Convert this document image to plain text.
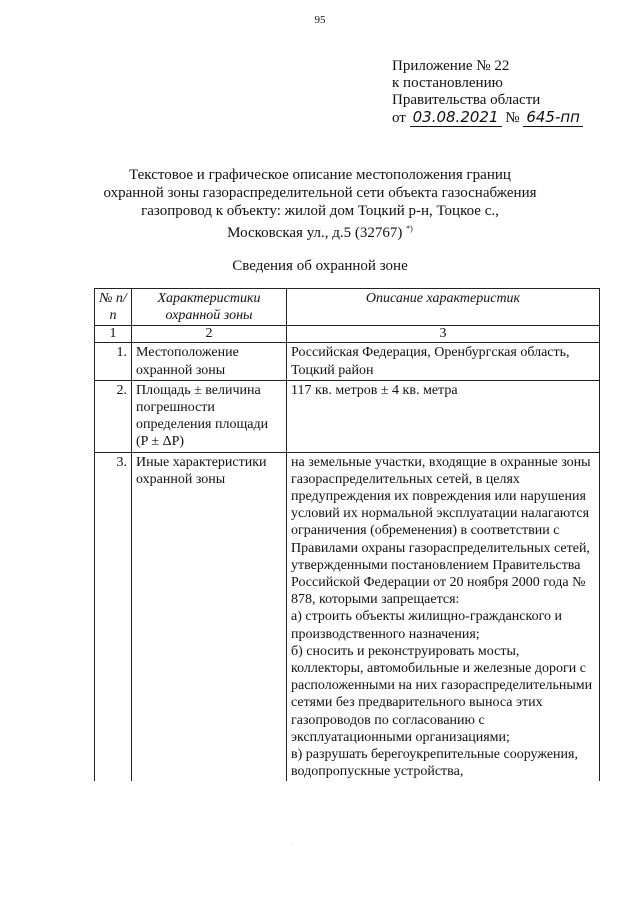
95
Приложение № 22
к постановлению
Правительства области
от 03.08.2021 № 645-пп
Текстовое и графическое описание местоположения границ
охранной зоны газораспределительной сети объекта газоснабжения
газопровод к объекту: жилой дом Тоцкий р-н, Тоцкое с.,
Московская ул., д.5 (32767) *)
Сведения об охранной зоне
№ п/п	Характеристики охранной зоны	Описание характеристик
1	2	3
1.	Местоположение охранной зоны	Российская Федерация, Оренбургская область, Тоцкий район
2.	Площадь ± величина погрешности определения площади (P ± ΔP)	117 кв. метров ± 4 кв. метра
3.	Иные характеристики охранной зоны	на земельные участки, входящие в охранные зоны газораспределительных сетей, в целях предупреждения их повреждения или нарушения условий их нормальной эксплуатации налагаются ограничения (обременения) в соответствии с Правилами охраны газораспределительных сетей, утвержденными постановлением Правительства Российской Федерации от 20 ноября 2000 года № 878, которыми запрещается:
а) строить объекты жилищно-гражданского и производственного назначения;
б) сносить и реконструировать мосты, коллекторы, автомобильные и железные дороги с расположенными на них газораспределительными сетями без предварительного выноса этих газопроводов по согласованию с эксплуатационными организациями;
в) разрушать берегоукрепительные сооружения, водопропускные устройства,
·
